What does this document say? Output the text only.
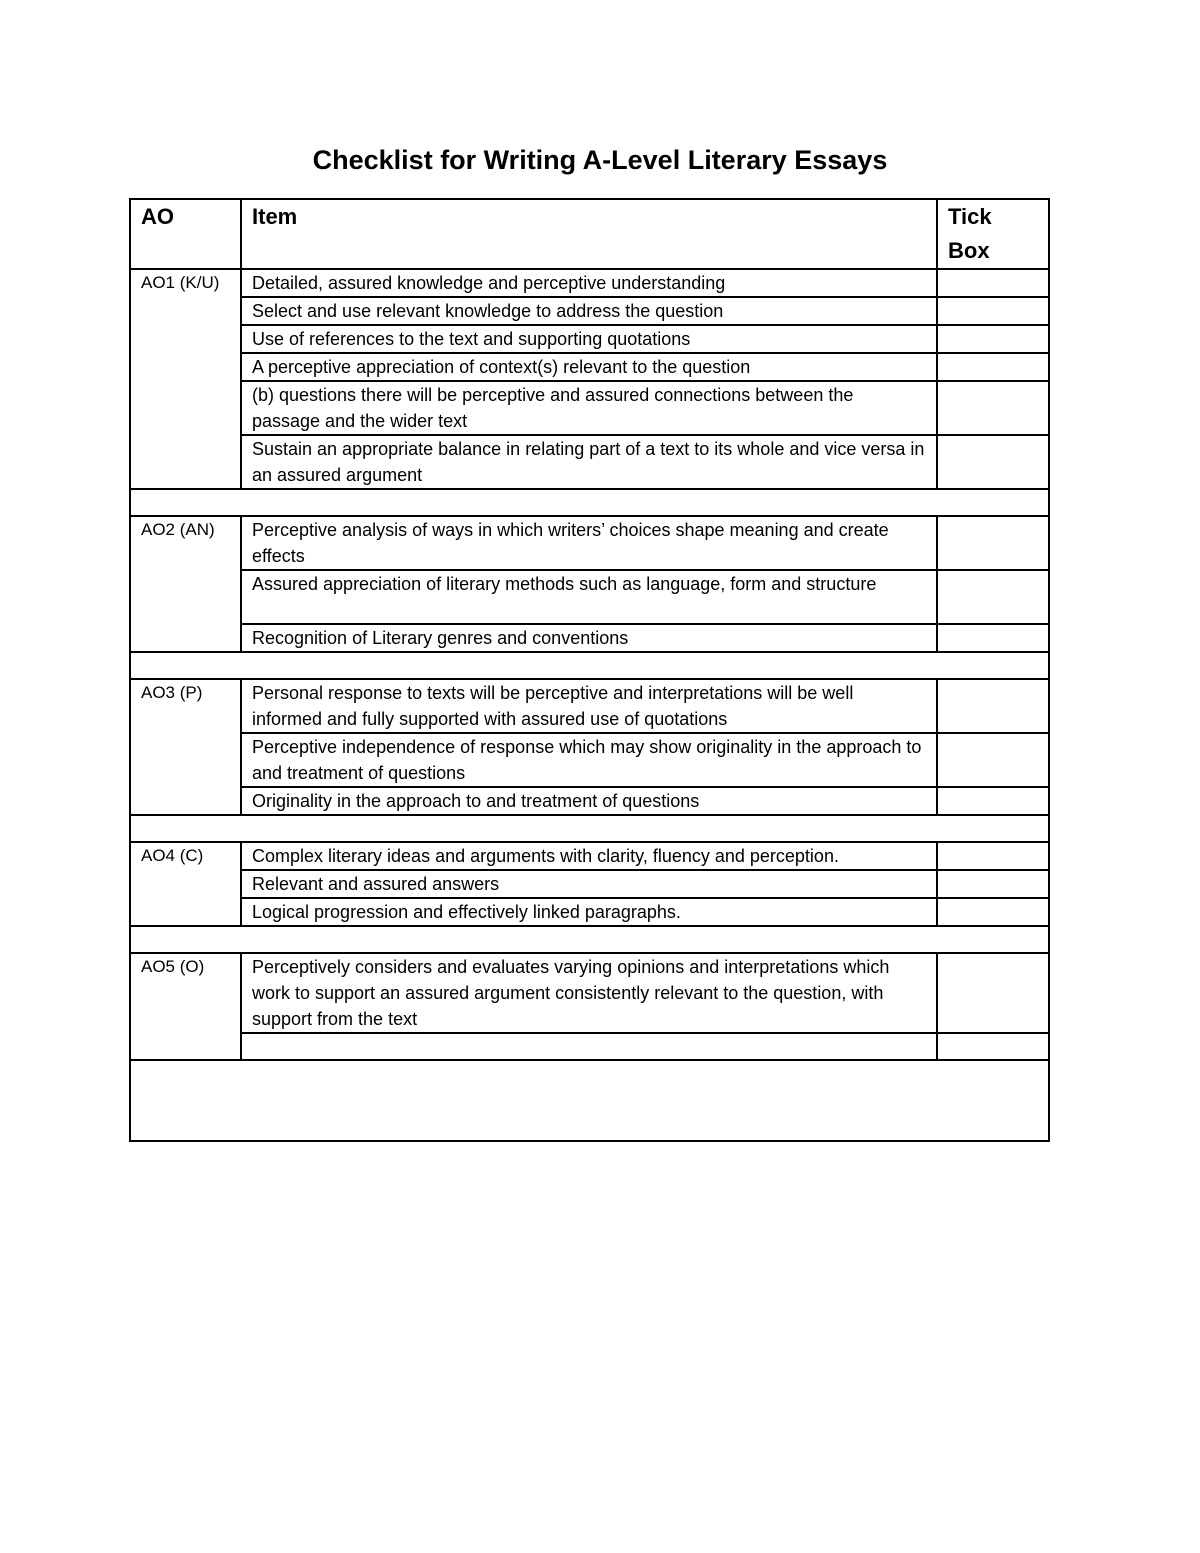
Checklist for Writing A-Level Literary Essays
AO	Item	Tick
Box
AO1 (K/U)	Detailed, assured knowledge and perceptive understanding	
	Select and use relevant knowledge to address the question	
	Use of references to the text and supporting quotations	
	A perceptive appreciation of context(s) relevant to the question	
	(b) questions there will be perceptive and assured connections between the passage and the wider text	
	Sustain an appropriate balance in relating part of a text to its whole and vice versa in an assured argument	

AO2 (AN)	Perceptive analysis of ways in which writers’ choices shape meaning and create effects	
	Assured appreciation of literary methods such as language, form and structure	
	Recognition of Literary genres and conventions	

AO3 (P)	Personal response to texts will be perceptive and interpretations will be well informed and fully supported with assured use of quotations	
	Perceptive independence of response which may show originality in the approach to and treatment of questions	
	Originality in the approach to and treatment of questions	

AO4 (C)	Complex literary ideas and arguments with clarity, fluency and perception.	
	Relevant and assured answers	
	Logical progression and effectively linked paragraphs.	

AO5 (O)	Perceptively considers and evaluates varying opinions and interpretations which work to support an assured argument consistently relevant to the question, with support from the text	
